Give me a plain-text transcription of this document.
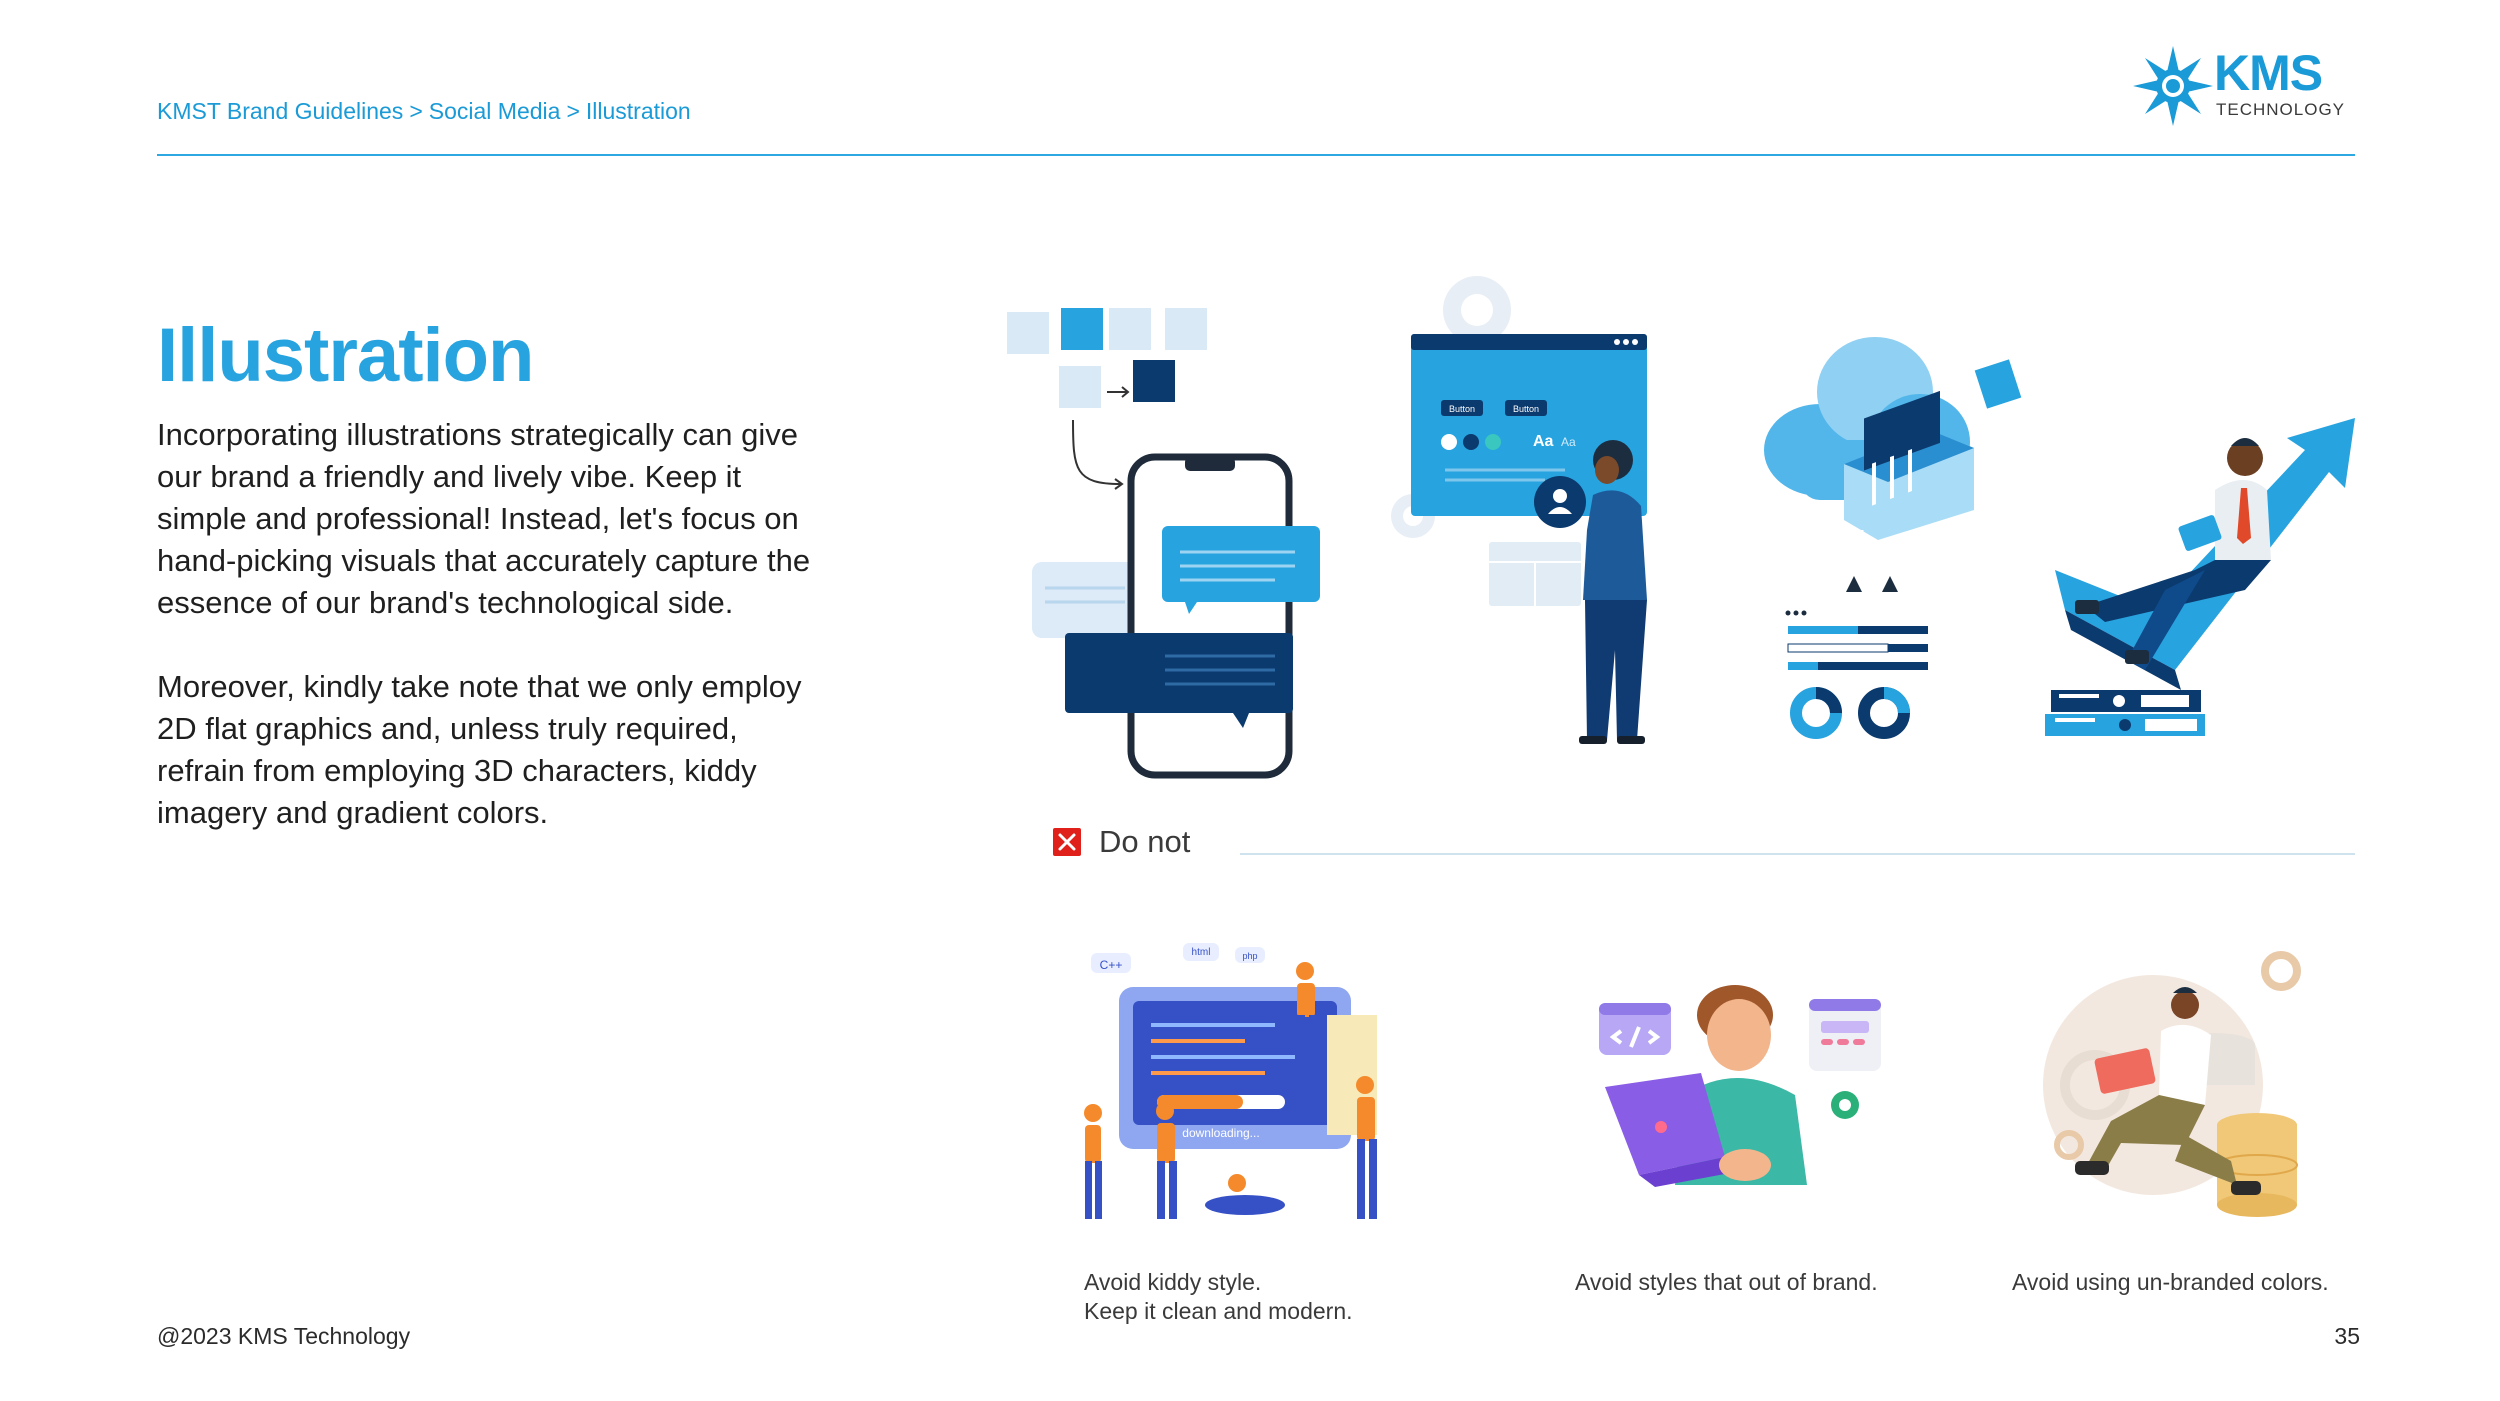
KMST Brand Guidelines > Social Media > Illustration
KMS
TECHNOLOGY
Illustration

Incorporating illustrations strategically can give our brand a friendly and lively vibe. Keep it simple and professional! Instead, let's focus on hand-picking visuals that accurately capture the essence of our brand's technological side.

Moreover, kindly take note that we only employ 2D flat graphics and, unless truly required, refrain from employing 3D characters, kiddy imagery and gradient colors.

Button	Button
Aa Aa
Do not
downloading...
C++
html	php
Avoid kiddy style.
Keep it clean and modern.
Avoid styles that out of brand.	Avoid using un-branded colors.
@2023 KMS Technology	35
